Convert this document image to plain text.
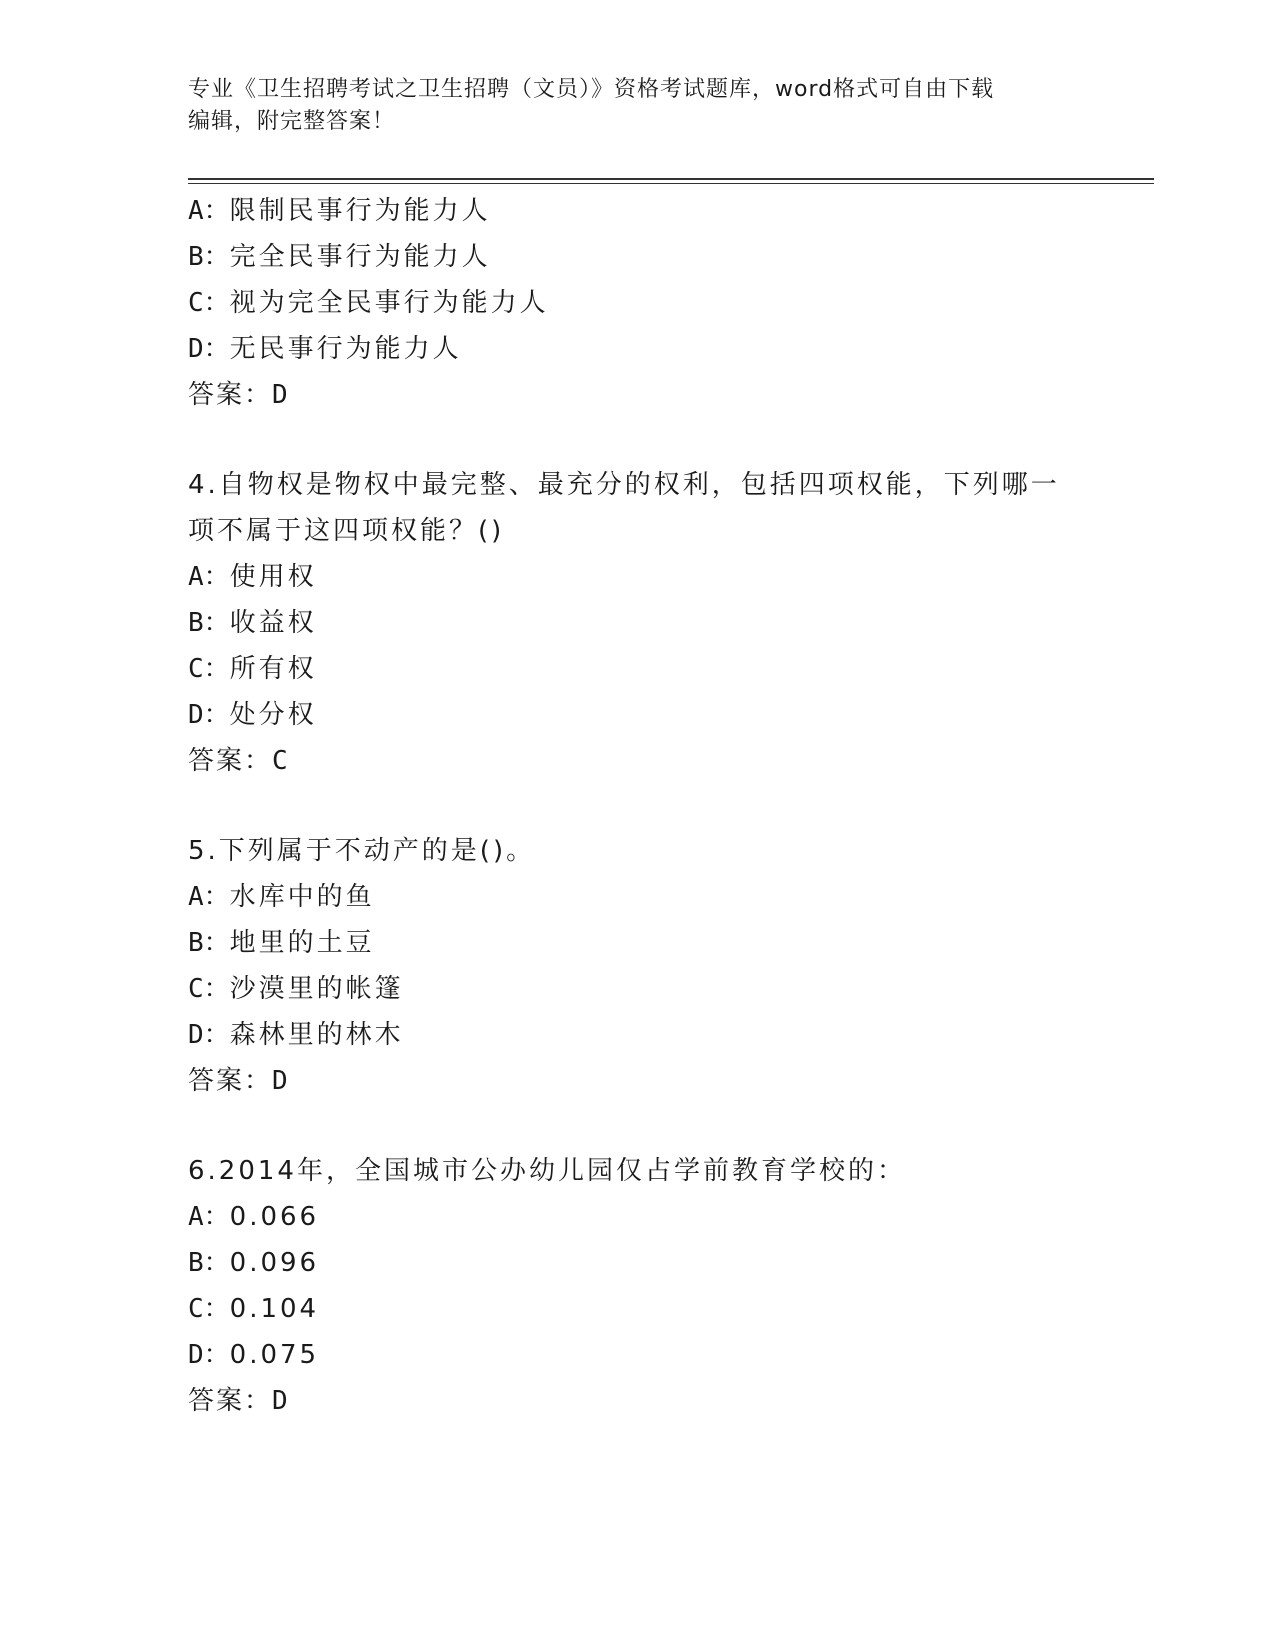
专业《卫生招聘考试之卫生招聘（文员）》资格考试题库，word格式可自由下载
编辑，附完整答案！
A：限制民事行为能力人
B：完全民事行为能力人
C：视为完全民事行为能力人
D：无民事行为能力人
答案：D
4.自物权是物权中最完整、最充分的权利，包括四项权能，下列哪一
项不属于这四项权能？()
A：使用权
B：收益权
C：所有权
D：处分权
答案：C
5.下列属于不动产的是()。
A：水库中的鱼
B：地里的土豆
C：沙漠里的帐篷
D：森林里的林木
答案：D
6.2014年，全国城市公办幼儿园仅占学前教育学校的：
A：0.066
B：0.096
C：0.104
D：0.075
答案：D
